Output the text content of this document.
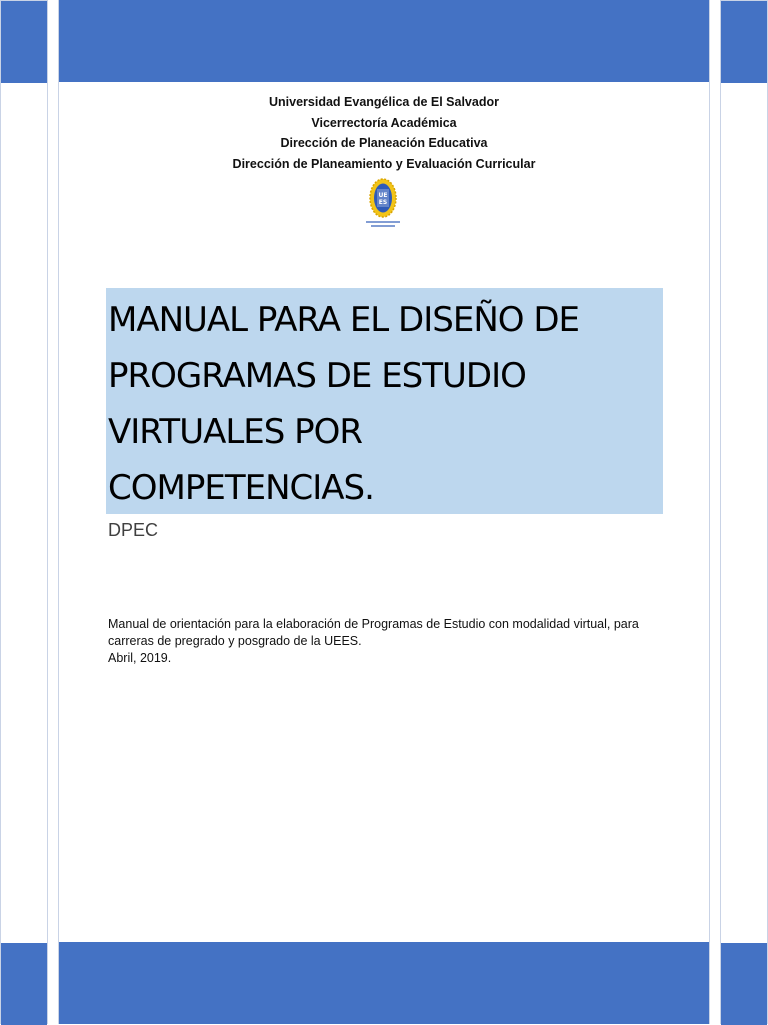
Universidad Evangélica de El Salvador
Vicerrectoría Académica
Dirección de Planeación Educativa
Dirección de Planeamiento y Evaluación Curricular
UE
ES
MANUAL PARA EL DISEÑO DE
PROGRAMAS DE ESTUDIO
VIRTUALES POR
COMPETENCIAS.
DPEC
Manual de orientación para la elaboración de Programas de Estudio con modalidad virtual, para
carreras de pregrado y posgrado de la UEES.
Abril, 2019.
